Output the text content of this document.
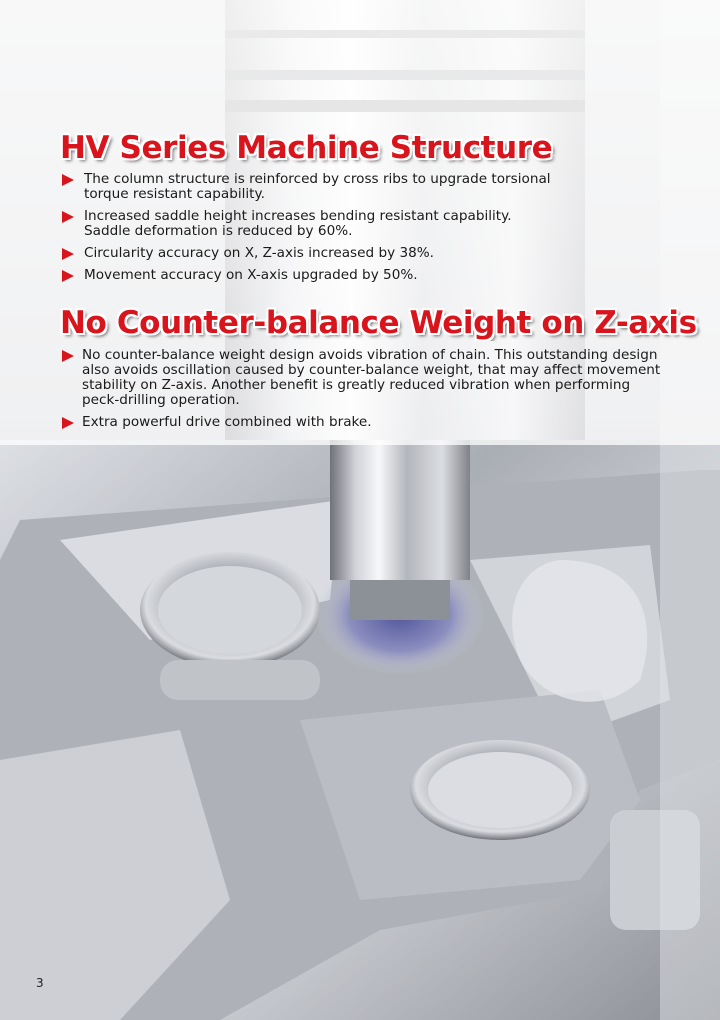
HV Series Machine Structure
The column structure is reinforced by cross ribs to upgrade torsional torque resistant capability.
Increased saddle height increases bending resistant capability. Saddle deformation is reduced by 60%.
Circularity accuracy on X, Z-axis increased by 38%.
Movement accuracy on X-axis upgraded by 50%.
No Counter-balance Weight on Z-axis
No counter-balance weight design avoids vibration of chain. This outstanding design also avoids oscillation caused by counter-balance weight, that may affect movement stability on Z-axis. Another benefit is greatly reduced vibration when performing peck-drilling operation.
Extra powerful drive combined with brake.
3
